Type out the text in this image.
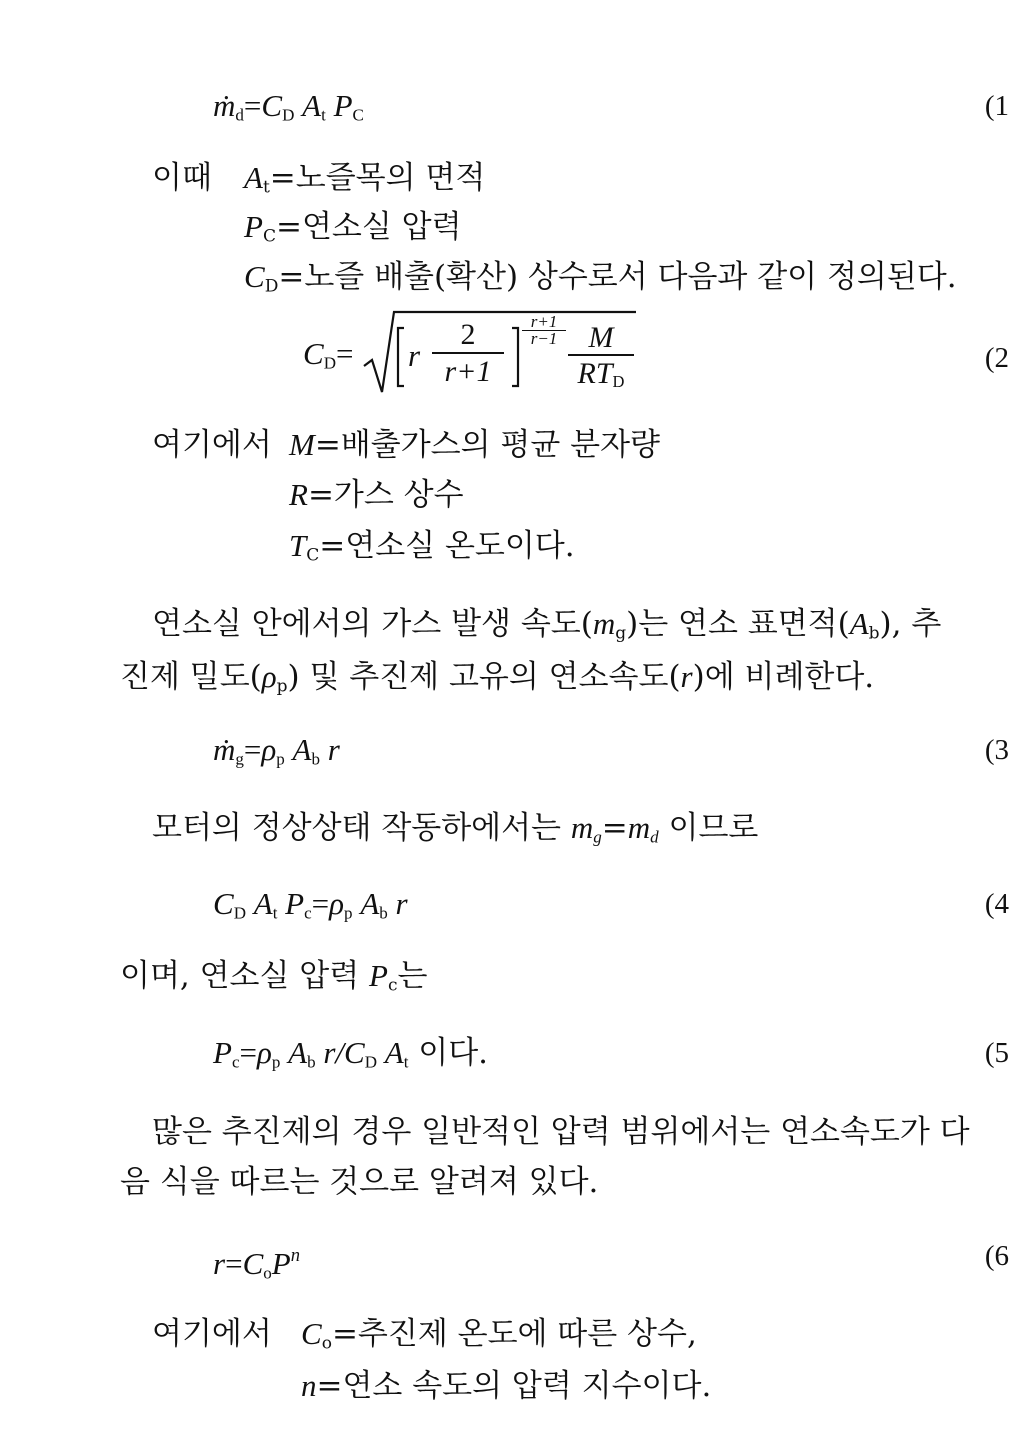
$ṁ_d=C_D$ $A_t$ $P_C$	(1
이때 $A_t=$노즐목의 면적
$P_C=$연소실 압력
$C_D=$노즐 배출(확산) 상수로서 다음과 같이 정의된다.
$C_D= r \frac{2}{r+1} \frac{r+1}{r-1}$ M
$RT_D$
(2
여기에서 M=배출가스의 평균 분자량
R=가스 상수
$T_C=$연소실 온도이다.
연소실 안에서의 가스 발생 속도$(m_g)$는 연소 표면적$(A_b)$, 추
진제 밀도$(\rho_p)$ 및 추진제 고유의 연소속도(r)에 비례한다.
$ṁ_g=\rho_p$ $A_b$ r	(3
모터의 정상상태 작동하에서는 $m_g=m_d$ 이므로
$C_D$ $A_t$ $P_c=\rho_p$ $A_b$ r	(4
이며, 연소실 압력 $P_c$는
$P_c=\rho_p$ $A_b$ $r/C_D$ $A_t$ 이다.	(5
많은 추진제의 경우 일반적인 압력 범위에서는 연소속도가 다
음 식을 따르는 것으로 알려져 있다.
$r=C_oP^n$	(6
여기에서 $C_o=$추진제 온도에 따른 상수,
n=연소 속도의 압력 지수이다.
